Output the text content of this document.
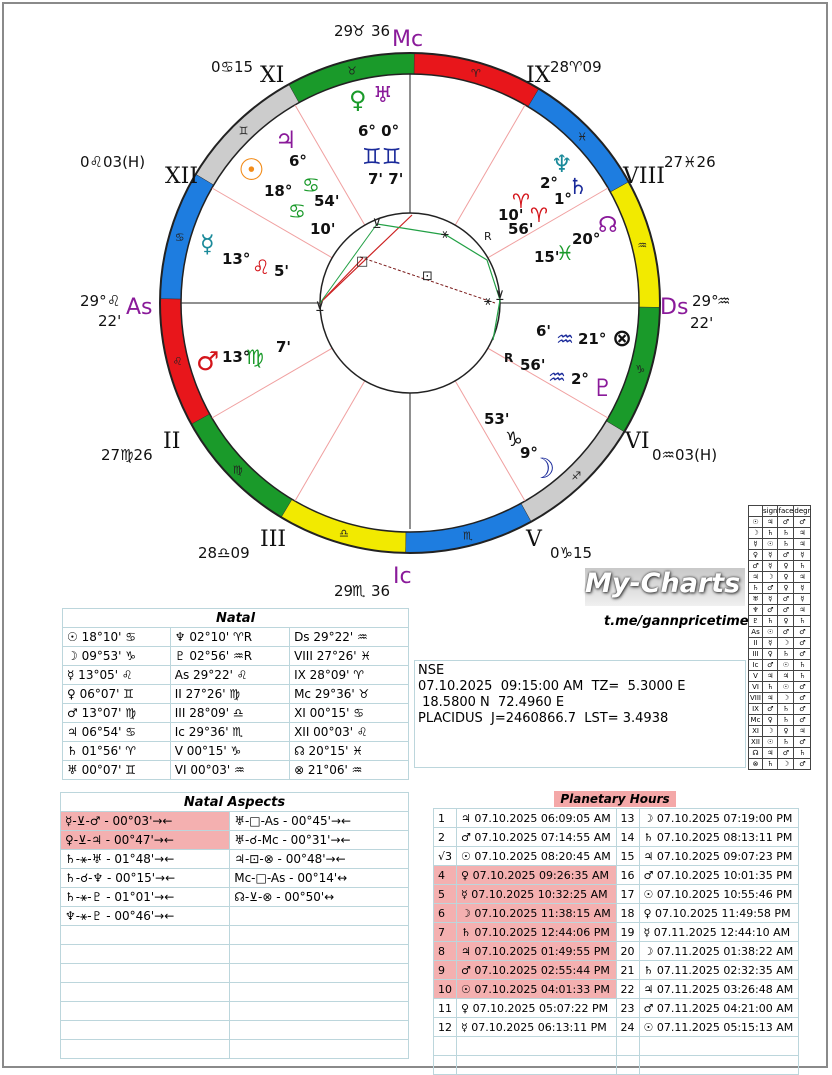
♌
♍
♎	♏
♐
♑
♒
♓
♈
♉
♊
♋
⊻
⚹
□
⊡
⚹ ⊻
⊻
R
29
♉ 36 Mc
29
♏ 36
Ic
29° ♌ As
22'
29°
♒
Ds
22'
0♋15 XI
0♌03(H)
XII
27♍26
II
28♎09
III
0♑15
V
0♒03(H)
VI
27♓26
VIII
28♈09
IX
♀ ♅
6° 0°
♊♊
7' 7'
♃
6°
♋
54'
☉
18°
♋
10'
☿
13° ♌ 5'
♂ 13°
♍ 7'
♆
2°
♈
10'
♄
1°
♈
56'	☊
20°
♓
15'
⊗
21°
♒
6'
♇
2°
♒
56'
R
☽
9°
♑
53'
Natal		
☉ 18°10' ♋	♆ 02°10' ♈R	Ds 29°22' ♒
☽ 09°53' ♑	♇ 02°56' ♒R	VIII 27°26' ♓
☿ 13°05' ♌	As 29°22' ♌	IX 28°09' ♈
♀ 06°07' ♊	II 27°26' ♍	Mc 29°36' ♉
♂ 13°07' ♍	III 28°09' ♎	XI 00°15' ♋
♃ 06°54' ♋	Ic 29°36' ♏	XII 00°03' ♌
♄ 01°56' ♈	V 00°15' ♑	☊ 20°15' ♓
♅ 00°07' ♊	VI 00°03' ♒	⊗ 21°06' ♒
NSE
07.10.2025  09:15:00 AM  TZ=  5.3000 E
18.5800 N  72.4960 E
PLACIDUS  J=2460866.7  LST= 3.4938
Natal Aspects	
☿-⊻-♂ - 00°03'→←	♅-□-As - 00°45'→←
♀-⊻-♃ - 00°47'→←	♅-☌-Mc - 00°31'→←
♄-⚹-♅ - 01°48'→←	♃-⊡-⊗ - 00°48'→←
♄-☌-♆ - 00°15'→←	Mc-□-As - 00°14'↔
♄-⚹-♇ - 01°01'→←	☊-⊻-⊗ - 00°50'↔
♆-⚹-♇ - 00°46'→←	

Planetary Hours
1	♃ 07.10.2025 06:09:05 AM	13	☽ 07.10.2025 07:19:00 PM
2	♂ 07.10.2025 07:14:55 AM	14	♄ 07.10.2025 08:13:11 PM
√3	☉ 07.10.2025 08:20:45 AM	15	♃ 07.10.2025 09:07:23 PM
4	♀ 07.10.2025 09:26:35 AM	16	♂ 07.10.2025 10:01:35 PM
5	☿ 07.10.2025 10:32:25 AM	17	☉ 07.10.2025 10:55:46 PM
6	☽ 07.10.2025 11:38:15 AM	18	♀ 07.10.2025 11:49:58 PM
7	♄ 07.10.2025 12:44:06 PM	19	☿ 07.11.2025 12:44:10 AM
8	♃ 07.10.2025 01:49:55 PM	20	☽ 07.11.2025 01:38:22 AM
9	♂ 07.10.2025 02:55:44 PM	21	♄ 07.11.2025 02:32:35 AM
10	☉ 07.10.2025 04:01:33 PM	22	♃ 07.11.2025 03:26:48 AM
11	♀ 07.10.2025 05:07:22 PM	23	♂ 07.11.2025 04:21:00 AM
12	☿ 07.10.2025 06:13:11 PM	24	☉ 07.11.2025 05:15:13 AM

	sign	face	degr
☉	♃	♂	♂
☽	♄	♄	♃
☿	☉	♄	♃
♀	☿	♂	☿
♂	☿	♀	♄
♃	☽	♀	♃
♄	♂	♀	☿
♅	☿	♂	☿
♆	♂	♂	♃
♇	♄	♀	♄
As	☉	♂	♂
II	☿	☽	♂
III	♀	♄	♂
Ic	♂	☉	♄
V	♃	♃	♄
VI	♄	☉	♂
VIII	♃	☽	♂
IX	♂	♄	♂
Mc	♀	♄	♂
XI	☽	♀	♃
XII	☉	♄	♂
☊	♃	♂	♄
⊗	♄	☽	♂
My-Charts
t.me/gannpricetime
